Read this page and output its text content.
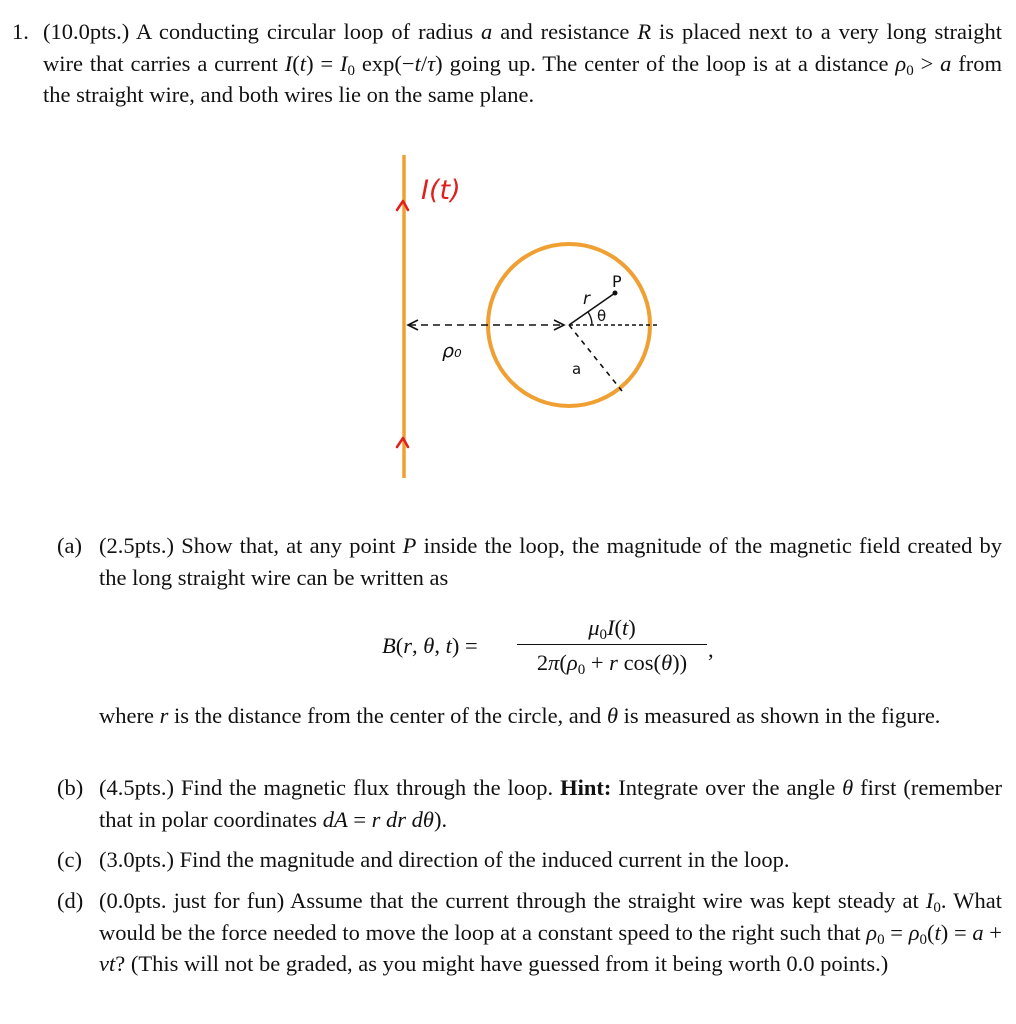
1. (10.0pts.) A conducting circular loop of radius a and resistance R is placed next to a very long straight wire that carries a current $I(t) = I_0$ exp(−t/τ) going up. The center of the loop is at a distance $\rho_0 > a$ from the straight wire, and both wires lie on the same plane.
I(t)
ρ₀
a
r
P
θ
(a) (2.5pts.) Show that, at any point P inside the loop, the magnitude of the magnetic field created by the long straight wire can be written as
B(r, θ, t) =
$\mu_0I(t)$
$2\pi(\rho_0 + r$ cos(θ))
,
where r is the distance from the center of the circle, and θ is measured as shown in the figure.
(b) (4.5pts.) Find the magnetic flux through the loop. Hint: Integrate over the angle θ first (remember that in polar coordinates dA = r dr dθ).
(c) (3.0pts.) Find the magnitude and direction of the induced current in the loop.
(d) (0.0pts. just for fun) Assume that the current through the straight wire was kept steady at $I_0$. What would be the force needed to move the loop at a constant speed to the right such that $\rho_0 = \rho_0(t) = a$ + vt? (This will not be graded, as you might have guessed from it being worth 0.0 points.)
